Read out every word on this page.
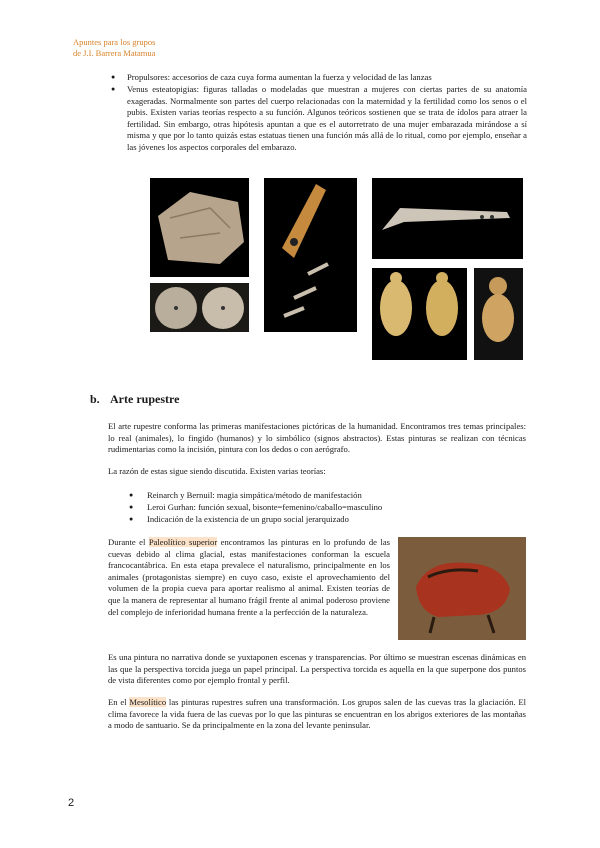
Apuntes para los grupos
de J.I. Barrera Matamua
● Propulsores: accesorios de caza cuya forma aumentan la fuerza y velocidad de las lanzas
● Venus esteatopigias: figuras talladas o modeladas que muestran a mujeres con ciertas partes de su anatomía exageradas. Normalmente son partes del cuerpo relacionadas con la maternidad y la fertilidad como los senos o el pubis. Existen varias teorías respecto a su función. Algunos teóricos sostienen que se trata de ídolos para atraer la fertilidad. Sin embargo, otras hipótesis apuntan a que es el autorretrato de una mujer embarazada mirándose a sí misma y que por lo tanto quizás estas estatuas tienen una función más allá de lo ritual, como por ejemplo, enseñar a las jóvenes los aspectos corporales del embarazo.
b. Arte rupestre
El arte rupestre conforma las primeras manifestaciones pictóricas de la humanidad. Encontramos tres temas principales: lo real (animales), lo fingido (humanos) y lo simbólico (signos abstractos). Estas pinturas se realizan con técnicas rudimentarias como la incisión, pintura con los dedos o con aerógrafo.
La razón de estas sigue siendo discutida. Existen varias teorías:
● Reinarch y Bernuil: magia simpática/método de manifestación
● Leroi Gurhan: función sexual, bisonte=femenino/caballo=masculino
● Indicación de la existencia de un grupo social jerarquizado
Durante el Paleolítico superior encontramos las pinturas en lo profundo de las cuevas debido al clima glacial, estas manifestaciones conforman la escuela francocantábrica. En esta etapa prevalece el naturalismo, principalmente en los animales (protagonistas siempre) en cuyo caso, existe el aprovechamiento del volumen de la propia cueva para aportar realismo al animal. Existen teorías de que la manera de representar al humano frágil frente al animal poderoso proviene del complejo de inferioridad humana frente a la perfección de la naturaleza.
Es una pintura no narrativa donde se yuxtaponen escenas y transparencias. Por último se muestran escenas dinámicas en las que la perspectiva torcida juega un papel principal. La perspectiva torcida es aquella en la que superpone dos puntos de vista diferentes como por ejemplo frontal y perfil.
En el Mesolítico las pinturas rupestres sufren una transformación. Los grupos salen de las cuevas tras la glaciación. El clima favorece la vida fuera de las cuevas por lo que las pinturas se encuentran en los abrigos exteriores de las montañas a modo de santuario. Se da principalmente en la zona del levante peninsular.
2
